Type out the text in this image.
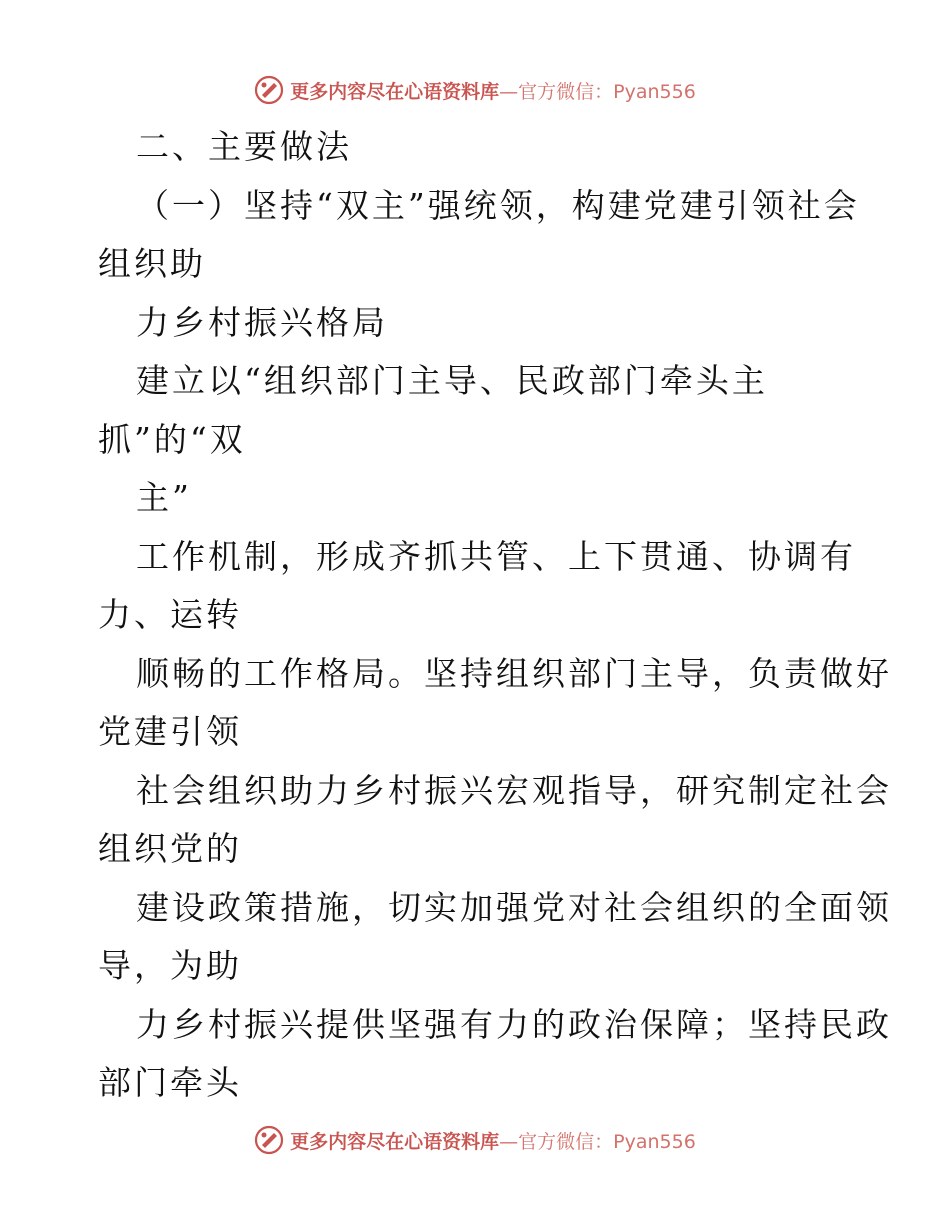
更多内容尽在心语资料库 —官方微信：Pyan556
二、主要做法
（一）坚持“双主”强统领，构建党建引领社会
组织助
力乡村振兴格局
建立以“组织部门主导、民政部门牵头主
抓”的“双
主”
工作机制，形成齐抓共管、上下贯通、协调有
力、运转
顺畅的工作格局。坚持组织部门主导，负责做好
党建引领
社会组织助力乡村振兴宏观指导，研究制定社会
组织党的
建设政策措施，切实加强党对社会组织的全面领
导，为助
力乡村振兴提供坚强有力的政治保障；坚持民政
部门牵头
更多内容尽在心语资料库 —官方微信：Pyan556
